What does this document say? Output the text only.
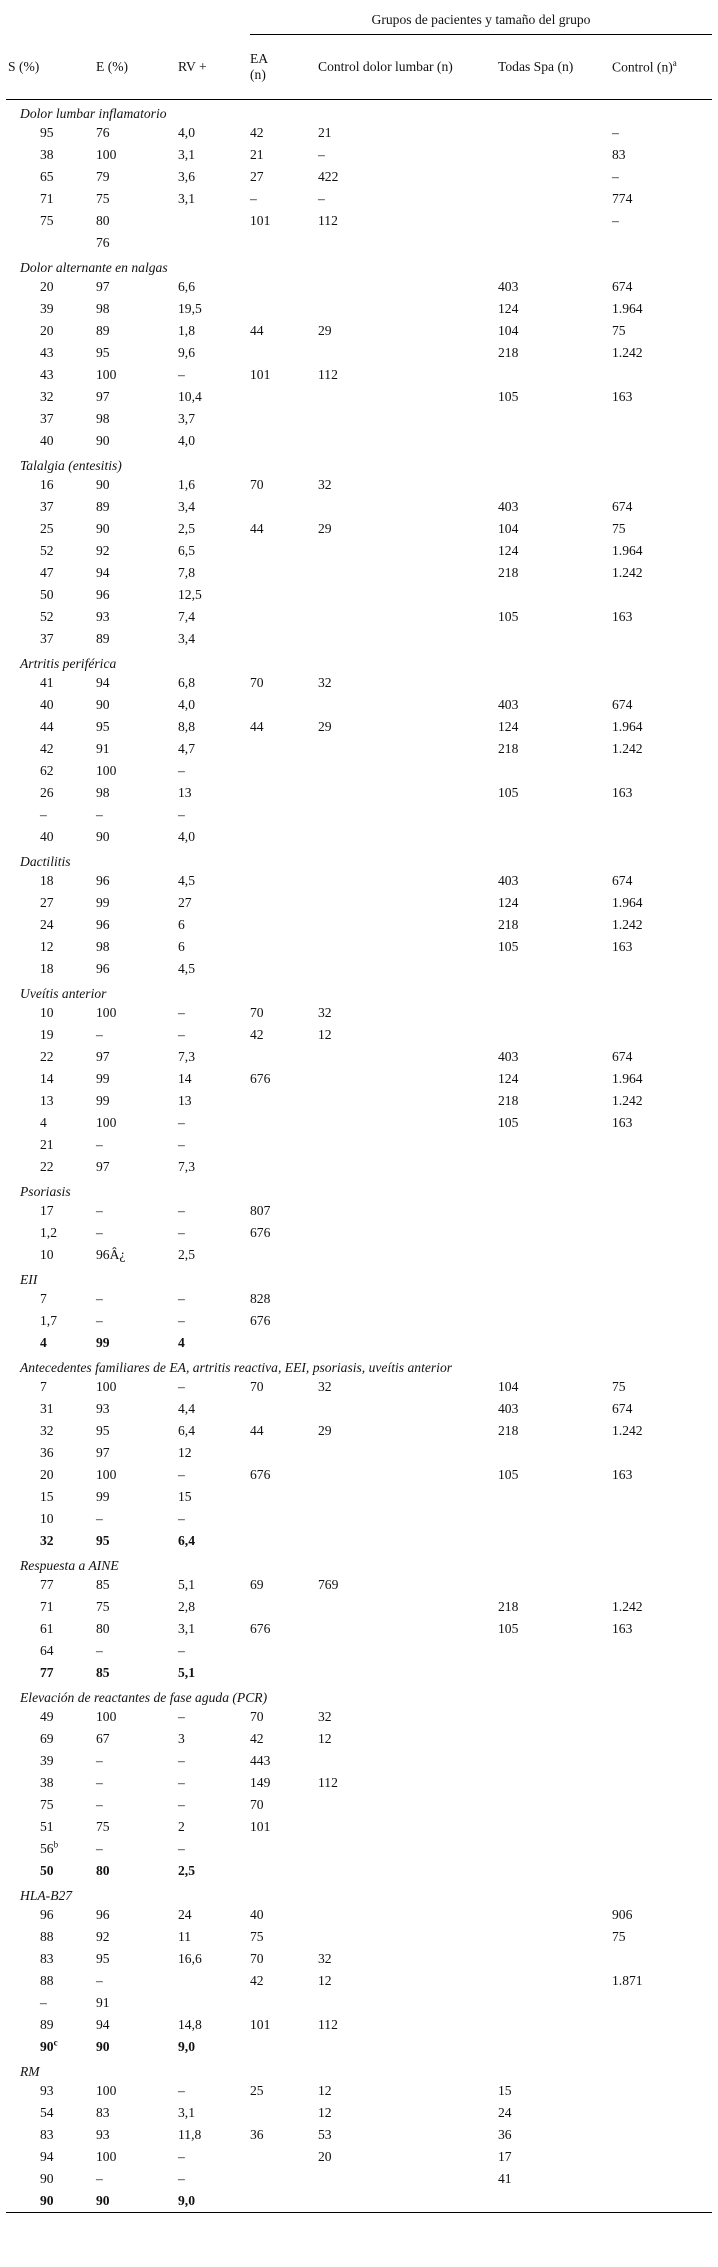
			Grupos de pacientes y tamaño del grupo			
S (%)	E (%)	RV +	EA
(n)	Control dolor lumbar (n)	Todas Spa (n)	Control $(n)^a$
Dolor lumbar inflamatorio						
95	76	4,0	42	21		–
38	100	3,1	21	–		83
65	79	3,6	27	422		–
71	75	3,1	–	–		774
75	80		101	112		–
	76					
Dolor alternante en nalgas						
20	97	6,6			403	674
39	98	19,5			124	1.964
20	89	1,8	44	29	104	75
43	95	9,6			218	1.242
43	100	–	101	112		
32	97	10,4			105	163
37	98	3,7				
40	90	4,0				
Talalgia (entesitis)						
16	90	1,6	70	32		
37	89	3,4			403	674
25	90	2,5	44	29	104	75
52	92	6,5			124	1.964
47	94	7,8			218	1.242
50	96	12,5				
52	93	7,4			105	163
37	89	3,4				
Artritis periférica						
41	94	6,8	70	32		
40	90	4,0			403	674
44	95	8,8	44	29	124	1.964
42	91	4,7			218	1.242
62	100	–				
26	98	13			105	163
–	–	–				
40	90	4,0				
Dactilitis						
18	96	4,5			403	674
27	99	27			124	1.964
24	96	6			218	1.242
12	98	6			105	163
18	96	4,5				
Uveítis anterior						
10	100	–	70	32		
19	–	–	42	12		
22	97	7,3			403	674
14	99	14	676		124	1.964
13	99	13			218	1.242
4	100	–			105	163
21	–	–				
22	97	7,3				
Psoriasis						
17	–	–	807			
1,2	–	–	676			
10	96Â¿	2,5				
EII						
7	–	–	828			
1,7	–	–	676			
4	99	4				
Antecedentes familiares de EA, artritis reactiva, EEI, psoriasis, uveítis anterior						
7	100	–	70	32	104	75
31	93	4,4			403	674
32	95	6,4	44	29	218	1.242
36	97	12				
20	100	–	676		105	163
15	99	15				
10	–	–				
32	95	6,4				
Respuesta a AINE						
77	85	5,1	69	769		
71	75	2,8			218	1.242
61	80	3,1	676		105	163
64	–	–				
77	85	5,1				
Elevación de reactantes de fase aguda (PCR)						
49	100	–	70	32		
69	67	3	42	12		
39	–	–	443			
38	–	–	149	112		
75	–	–	70			
51	75	2	101			
56$^b$	–	–				
50	80	2,5				
HLA-B27						
96	96	24	40			906
88	92	11	75			75
83	95	16,6	70	32		
88	–		42	12		1.871
–	91					
89	94	14,8	101	112		
90$^c$	90	9,0				
RM						
93	100	–	25	12	15	
54	83	3,1		12	24	
83	93	11,8	36	53	36	
94	100	–		20	17	
90	–	–			41	
90	90	9,0				
